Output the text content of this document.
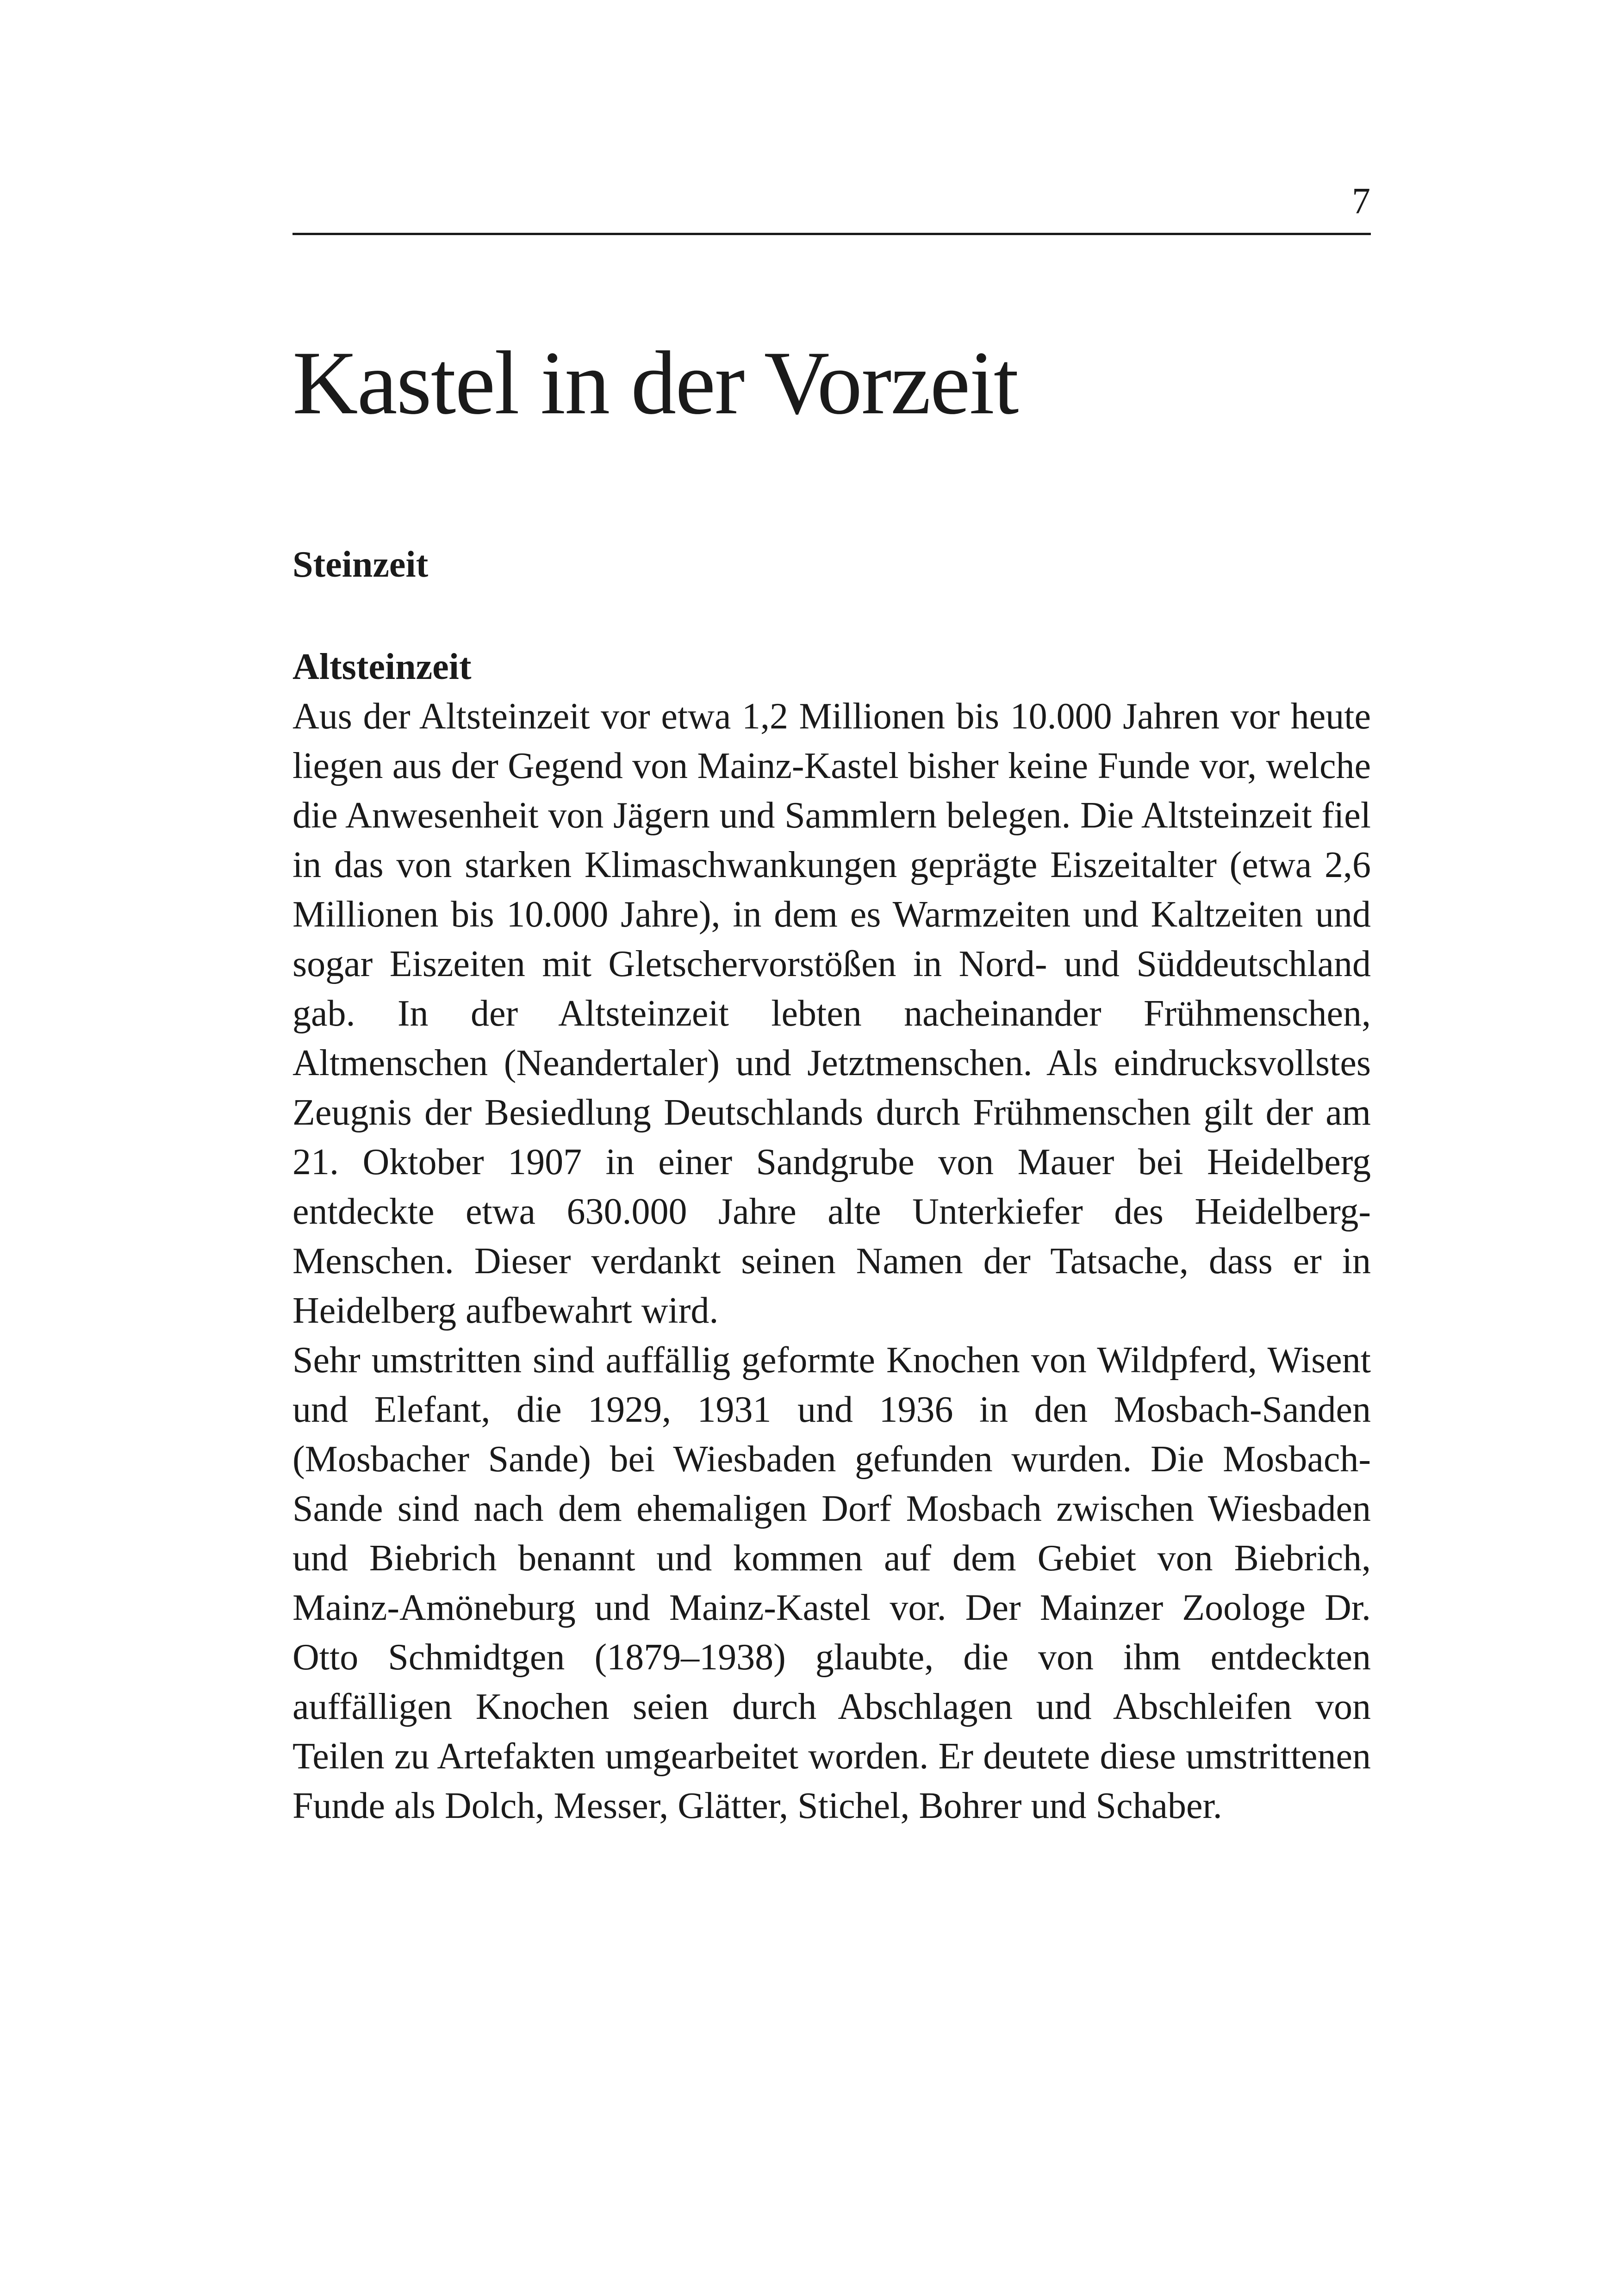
7
Kastel in der Vorzeit
Steinzeit
Altsteinzeit

Aus der Altsteinzeit vor etwa 1,2 Millionen bis 10.000 Jahren vor heute liegen aus der Gegend von Mainz-Kastel bisher keine Funde vor, welche die Anwesenheit von Jägern und Sammlern belegen. Die Altsteinzeit fiel in das von starken Klimaschwankungen geprägte Eiszeitalter (etwa 2,6 Millionen bis 10.000 Jahre), in dem es Warmzeiten und Kaltzeiten und sogar Eiszeiten mit Gletschervorstößen in Nord- und Süddeutschland gab. In der Altsteinzeit lebten nacheinander Frühmenschen, Altmenschen (Neandertaler) und Jetztmenschen. Als eindrucksvollstes Zeugnis der Besiedlung Deutschlands durch Frühmenschen gilt der am 21. Oktober 1907 in einer Sandgrube von Mauer bei Heidelberg entdeckte etwa 630.000 Jahre alte Unterkiefer des Heidelberg-Menschen. Dieser verdankt seinen Namen der Tatsache, dass er in Heidelberg aufbewahrt wird.

Sehr umstritten sind auffällig geformte Knochen von Wildpferd, Wisent und Elefant, die 1929, 1931 und 1936 in den Mosbach-Sanden (Mosbacher Sande) bei Wiesbaden gefunden wurden. Die Mosbach-Sande sind nach dem ehemaligen Dorf Mosbach zwischen Wiesbaden und Biebrich benannt und kommen auf dem Gebiet von Biebrich, Mainz-Amöneburg und Mainz-Kastel vor. Der Mainzer Zoologe Dr. Otto Schmidtgen (1879–1938) glaubte, die von ihm entdeckten auffälligen Knochen seien durch Abschlagen und Abschleifen von Teilen zu Artefakten umgearbeitet worden. Er deutete diese umstrittenen Funde als Dolch, Messer, Glätter, Stichel, Bohrer und Schaber.
